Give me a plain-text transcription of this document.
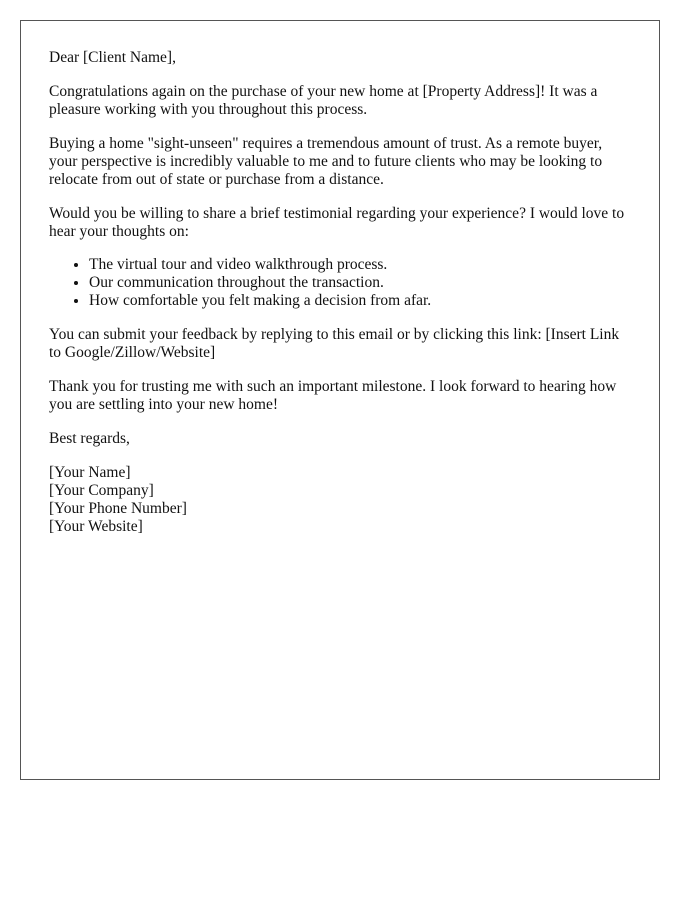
Dear [Client Name],

Congratulations again on the purchase of your new home at [Property Address]! It was a pleasure working with you throughout this process.

Buying a home "sight-unseen" requires a tremendous amount of trust. As a remote buyer, your perspective is incredibly valuable to me and to future clients who may be looking to relocate from out of state or purchase from a distance.

Would you be willing to share a brief testimonial regarding your experience? I would love to hear your thoughts on:

• The virtual tour and video walkthrough process.
• Our communication throughout the transaction.
• How comfortable you felt making a decision from afar.

You can submit your feedback by replying to this email or by clicking this link: [Insert Link to Google/Zillow/Website]

Thank you for trusting me with such an important milestone. I look forward to hearing how you are settling into your new home!

Best regards,

[Your Name]
[Your Company]
[Your Phone Number]
[Your Website]
